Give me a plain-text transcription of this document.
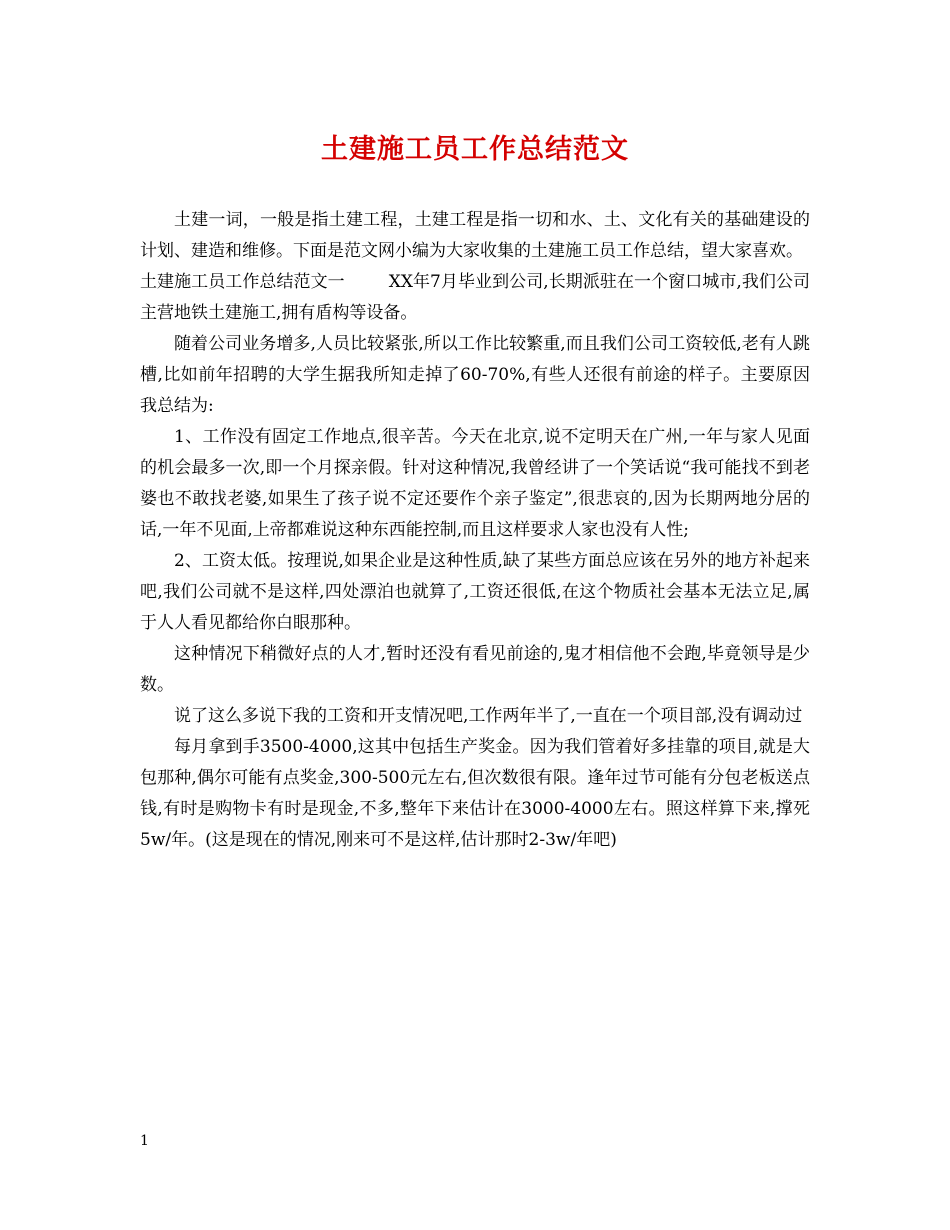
土建施工员工作总结范文

土建一词，一般是指土建工程，土建工程是指一切和水、土、文化有关的基础建设的计划、建造和维修。下面是范文网小编为大家收集的土建施工员工作总结，望大家喜欢。

土建施工员工作总结范文一	XX年7月毕业到公司,长期派驻在一个窗口城市,我们公司主营地铁土建施工,拥有盾构等设备。

随着公司业务增多,人员比较紧张,所以工作比较繁重,而且我们公司工资较低,老有人跳槽,比如前年招聘的大学生据我所知走掉了60-70%,有些人还很有前途的样子。主要原因我总结为:

1、工作没有固定工作地点,很辛苦。今天在北京,说不定明天在广州,一年与家人见面的机会最多一次,即一个月探亲假。针对这种情况,我曾经讲了一个笑话说“我可能找不到老婆也不敢找老婆,如果生了孩子说不定还要作个亲子鉴定”,很悲哀的,因为长期两地分居的话,一年不见面,上帝都难说这种东西能控制,而且这样要求人家也没有人性;

2、工资太低。按理说,如果企业是这种性质,缺了某些方面总应该在另外的地方补起来吧,我们公司就不是这样,四处漂泊也就算了,工资还很低,在这个物质社会基本无法立足,属于人人看见都给你白眼那种。

这种情况下稍微好点的人才,暂时还没有看见前途的,鬼才相信他不会跑,毕竟领导是少数。

说了这么多说下我的工资和开支情况吧,工作两年半了,一直在一个项目部,没有调动过

每月拿到手3500-4000,这其中包括生产奖金。因为我们管着好多挂靠的项目,就是大包那种,偶尔可能有点奖金,300-500元左右,但次数很有限。逢年过节可能有分包老板送点钱,有时是购物卡有时是现金,不多,整年下来估计在3000-4000左右。照这样算下来,撑死5w/年。(这是现在的情况,刚来可不是这样,估计那时2-3w/年吧)

1
